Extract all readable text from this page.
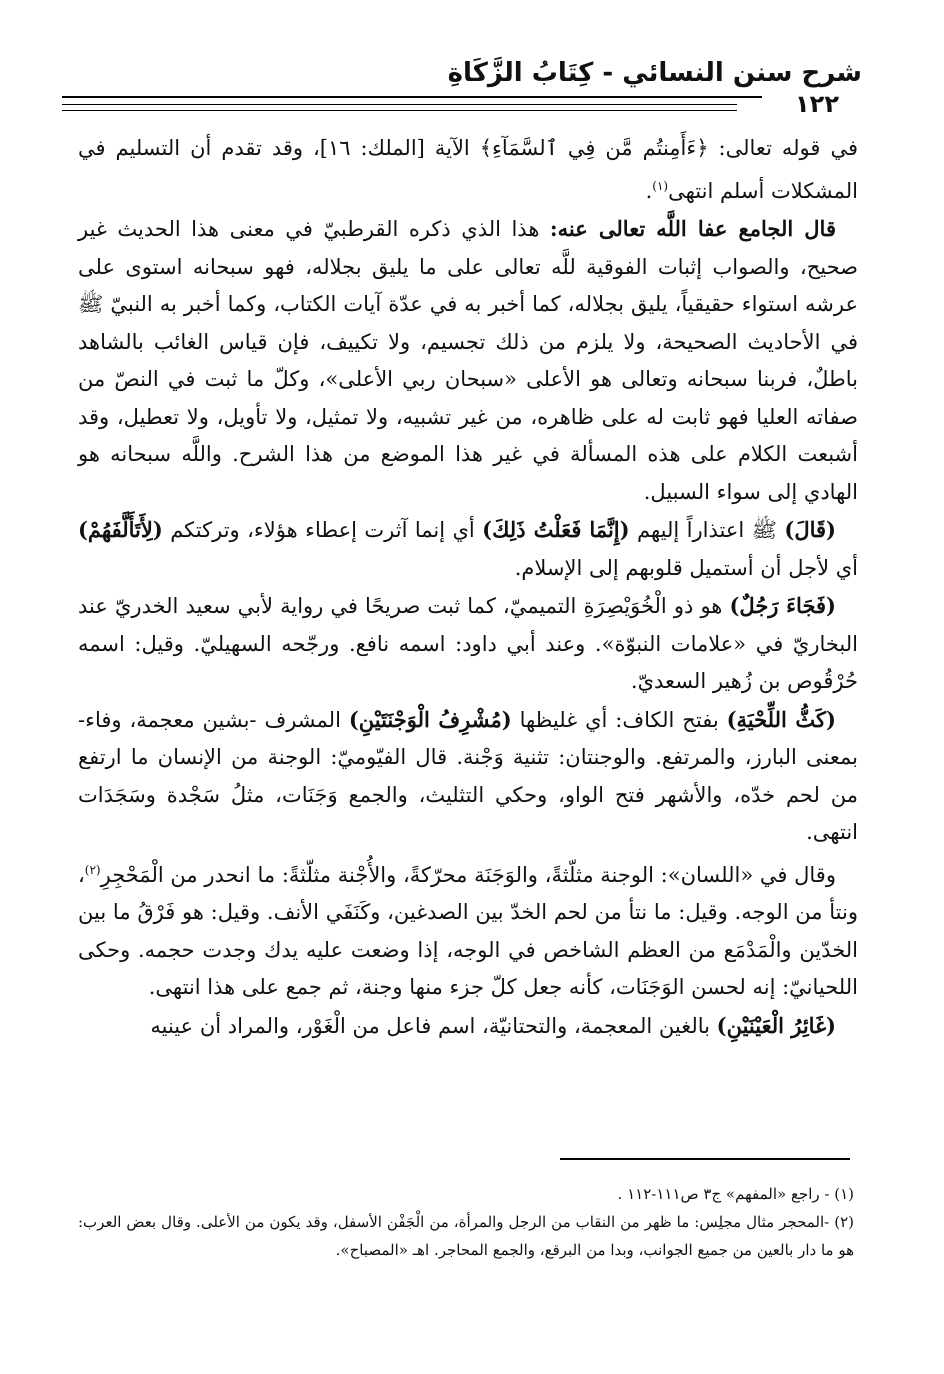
شرح سنن النسائي - كِتَابُ الزَّكَاةِ
١٢٢

في قوله تعالى: ﴿ءَأَمِنتُم مَّن فِي ٱلسَّمَآءِ﴾ الآية [الملك: ١٦]، وقد تقدم أن التسليم في المشكلات أسلم انتهى$^{(١)}$.

قال الجامع عفا اللَّه تعالى عنه: هذا الذي ذكره القرطبيّ في معنى هذا الحديث غير صحيح، والصواب إثبات الفوقية للَّه تعالى على ما يليق بجلاله، فهو سبحانه استوى على عرشه استواء حقيقياً، يليق بجلاله، كما أخبر به في عدّة آيات الكتاب، وكما أخبر به النبيّ ﷺ في الأحاديث الصحيحة، ولا يلزم من ذلك تجسيم، ولا تكييف، فإن قياس الغائب بالشاهد باطلٌ، فربنا سبحانه وتعالى هو الأعلى «سبحان ربي الأعلى»، وكلّ ما ثبت في النصّ من صفاته العليا فهو ثابت له على ظاهره، من غير تشبيه، ولا تمثيل، ولا تأويل، ولا تعطيل، وقد أشبعت الكلام على هذه المسألة في غير هذا الموضع من هذا الشرح. واللَّه سبحانه هو الهادي إلى سواء السبيل.

(قَالَ) ﷺ اعتذاراً إليهم (إِنَّمَا فَعَلْتُ ذَلِكَ) أي إنما آثرت إعطاء هؤلاء، وتركتكم (لِأَتَأَلَّفَهُمْ) أي لأجل أن أستميل قلوبهم إلى الإسلام.

(فَجَاءَ رَجُلٌ) هو ذو الْخُوَيْصِرَةِ التميميّ، كما ثبت صريحًا في رواية لأبي سعيد الخدريّ عند البخاريّ في «علامات النبوّة». وعند أبي داود: اسمه نافع. ورجّحه السهيليّ. وقيل: اسمه حُرْقُوص بن زُهير السعديّ.

(كَثُّ اللِّحْيَةِ) بفتح الكاف: أي غليظها (مُشْرِفُ الْوَجْنَتَيْنِ) المشرف -بشين معجمة، وفاء- بمعنى البارز، والمرتفع. والوجنتان: تثنية وَجْنة. قال الفيّوميّ: الوجنة من الإنسان ما ارتفع من لحم خدّه، والأشهر فتح الواو، وحكي التثليث، والجمع وَجَنَات، مثلُ سَجْدة وسَجَدَات انتهى.

وقال في «اللسان»: الوجنة مثلّثةً، والوَجَنَة محرّكةً، والأُجْنة مثلّثةً: ما انحدر من الْمَحْجِرِ$^{(٢)}$، ونتأ من الوجه. وقيل: ما نتأ من لحم الخدّ بين الصدغين، وكَنَفَي الأنف. وقيل: هو فَرْقُ ما بين الخدّين والْمَدْمَع من العظم الشاخص في الوجه، إذا وضعت عليه يدك وجدت حجمه. وحكى اللحيانيّ: إنه لحسن الوَجَنَات، كأنه جعل كلّ جزء منها وجنة، ثم جمع على هذا انتهى.

(غَائِرُ الْعَيْنَيْنِ) بالغين المعجمة، والتحتانيّة، اسم فاعل من الْغَوْر، والمراد أن عينيه

(١) - راجع «المفهم» ج٣ ص١١١-١١٢ .

(٢) -المحجر مثال مجلِس: ما ظهر من النقاب من الرجل والمرأة، من الْجَفْن الأسفل، وقد يكون من الأعلى. وقال بعض العرب: هو ما دار بالعين من جميع الجوانب، وبدا من البرقع، والجمع المحاجر. اهـ «المصباح».
